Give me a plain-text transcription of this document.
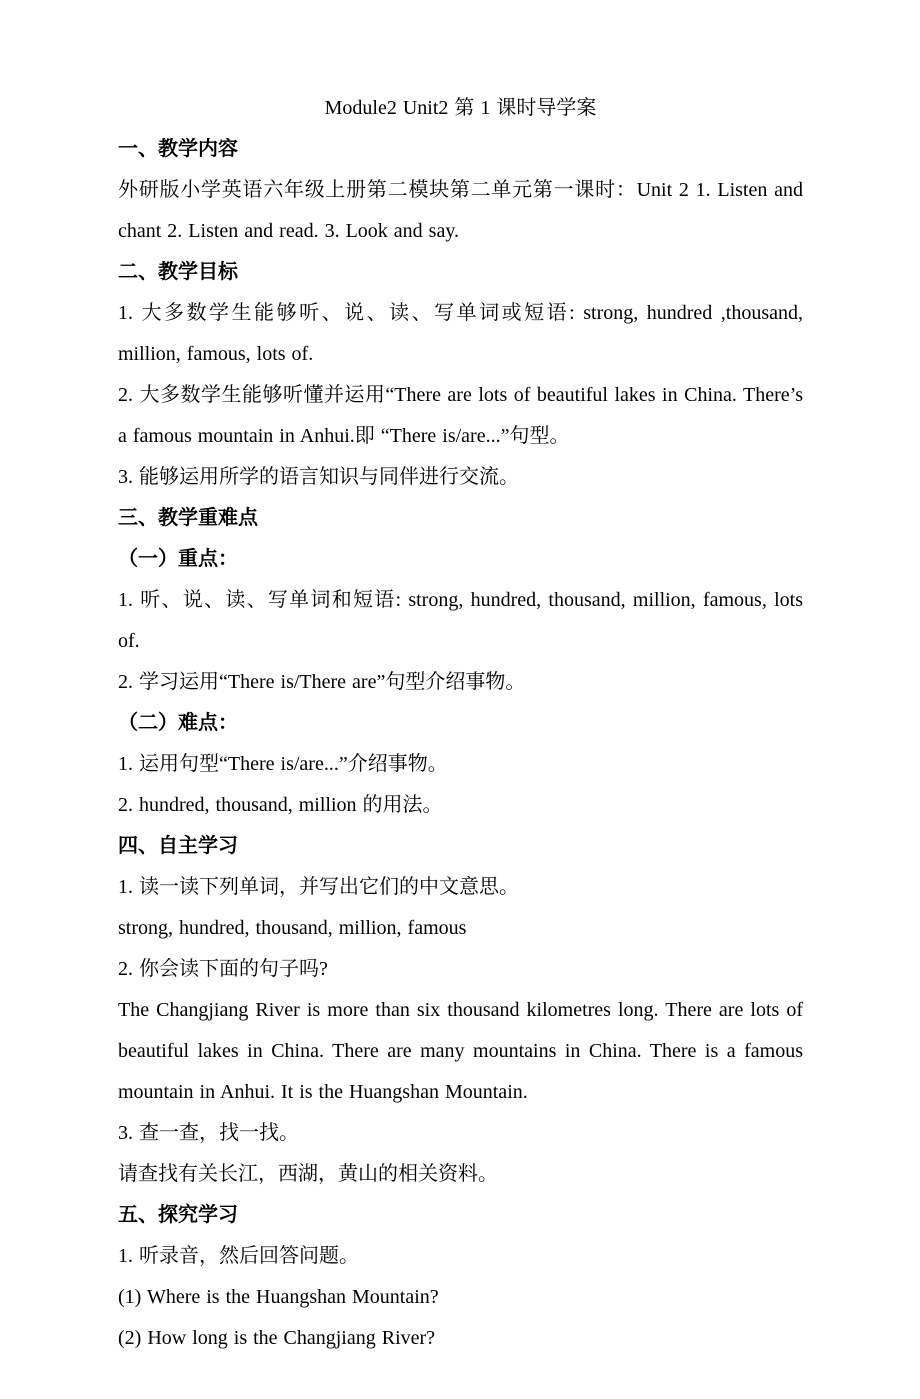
Module2 Unit2 第 1 课时导学案
一、教学内容

外研版小学英语六年级上册第二模块第二单元第一课时：Unit 2 1. Listen and chant 2. Listen and read. 3. Look and say.

二、教学目标

1. 大多数学生能够听、说、读、写单词或短语: strong, hundred ,thousand, million, famous, lots of.

2. 大多数学生能够听懂并运用“There are lots of beautiful lakes in China. There’s a famous mountain in Anhui.即 “There is/are...”句型。

3. 能够运用所学的语言知识与同伴进行交流。

三、教学重难点
（一）重点：

1. 听、说、读、写单词和短语: strong, hundred, thousand, million, famous, lots of.

2. 学习运用“There is/There are”句型介绍事物。

（二）难点：

1. 运用句型“There is/are...”介绍事物。

2. hundred, thousand, million 的用法。

四、自主学习

1. 读一读下列单词，并写出它们的中文意思。

strong, hundred, thousand, million, famous

2. 你会读下面的句子吗?

The Changjiang River is more than six thousand kilometres long. There are lots of beautiful lakes in China. There are many mountains in China. There is a famous mountain in Anhui. It is the Huangshan Mountain.

3. 查一查，找一找。

请查找有关长江，西湖，黄山的相关资料。

五、探究学习

1. 听录音，然后回答问题。

(1) Where is the Huangshan Mountain?

(2) How long is the Changjiang River?
